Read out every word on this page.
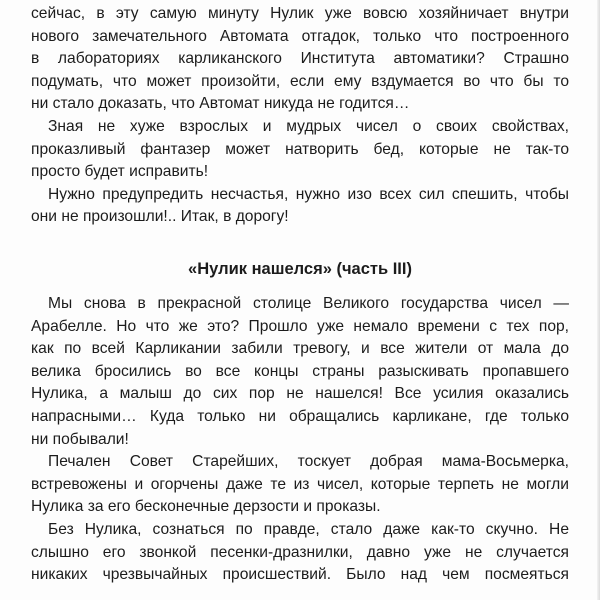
сейчас, в эту самую минуту Нулик уже вовсю хозяйничает внутри
нового замечательного Автомата отгадок, только что построенного
в лабораториях карликанского Института автоматики? Страшно
подумать, что может произойти, если ему вздумается во что бы то
ни стало доказать, что Автомат никуда не годится…

Зная не хуже взрослых и мудрых чисел о своих свойствах,
проказливый фантазер может натворить бед, которые не так-то
просто будет исправить!

Нужно предупредить несчастья, нужно изо всех сил спешить, чтобы
они не произошли!.. Итак, в дорогу!

«Нулик нашелся» (часть III)

Мы снова в прекрасной столице Великого государства чисел —
Арабелле. Но что же это? Прошло уже немало времени с тех пор,
как по всей Карликании забили тревогу, и все жители от мала до
велика бросились во все концы страны разыскивать пропавшего
Нулика, а малыш до сих пор не нашелся! Все усилия оказались
напрасными… Куда только ни обращались карликане, где только
ни побывали!

Печален Совет Старейших, тоскует добрая мама-Восьмерка,
встревожены и огорчены даже те из чисел, которые терпеть не могли
Нулика за его бесконечные дерзости и проказы.

Без Нулика, сознаться по правде, стало даже как-то скучно. Не
слышно его звонкой песенки-дразнилки, давно уже не случается
никаких чрезвычайных происшествий. Было над чем посмеяться
